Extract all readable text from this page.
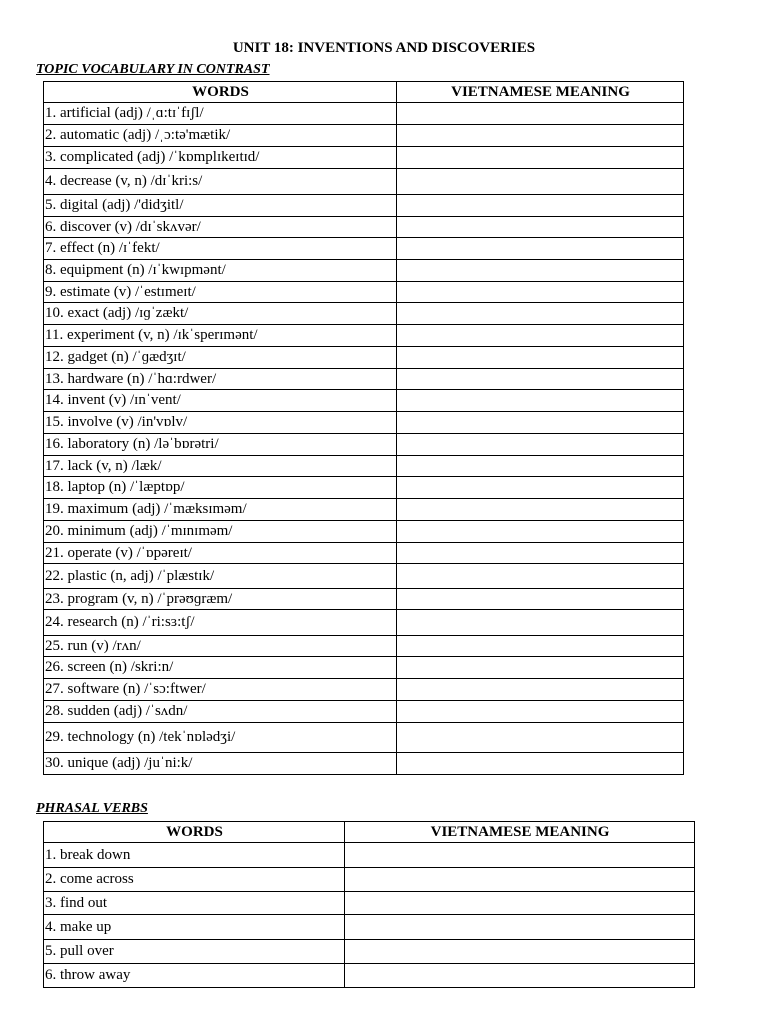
UNIT 18: INVENTIONS AND DISCOVERIES
TOPIC VOCABULARY IN CONTRAST
WORDS	VIETNAMESE MEANING
1. artificial (adj) /ˌɑ:tɪˈfɪʃl/	
2. automatic (adj) /ˌɔ:tə'mætik/	
3. complicated (adj) /ˈkɒmplɪkeɪtɪd/	
4. decrease (v, n) /dɪˈkri:s/	
5. digital (adj) /'didʒitl/	
6. discover (v) /dɪˈskʌvər/	
7. effect (n) /ɪˈfekt/	
8. equipment (n) /ɪˈkwɪpmənt/	
9. estimate (v) /ˈestɪmeɪt/	
10. exact (adj) /ɪɡˈzækt/	
11. experiment (v, n) /ɪkˈsperɪmənt/	
12. gadget (n) /ˈɡædʒɪt/	
13. hardware (n) /ˈhɑ:rdwer/	
14. invent (v) /ɪnˈvent/	
15. involve (v) /in'vɒlv/	
16. laboratory (n) /ləˈbɒrətri/	
17. lack (v, n) /læk/	
18. laptop (n) /ˈlæptɒp/	
19. maximum (adj) /ˈmæksɪməm/	
20. minimum (adj) /ˈmɪnɪməm/	
21. operate (v) /ˈɒpəreɪt/	
22. plastic (n, adj) /ˈplæstɪk/	
23. program (v, n) /ˈprəʊɡræm/	
24. research (n) /ˈri:sɜ:tʃ/	
25. run (v) /rʌn/	
26. screen (n) /skri:n/	
27. software (n) /ˈsɔ:ftwer/	
28. sudden (adj) /ˈsʌdn/	
29. technology (n) /tekˈnɒlədʒi/	
30. unique (adj) /juˈni:k/	
PHRASAL VERBS
WORDS	VIETNAMESE MEANING
1. break down	
2. come across	
3. find out	
4. make up	
5. pull over	
6. throw away	
